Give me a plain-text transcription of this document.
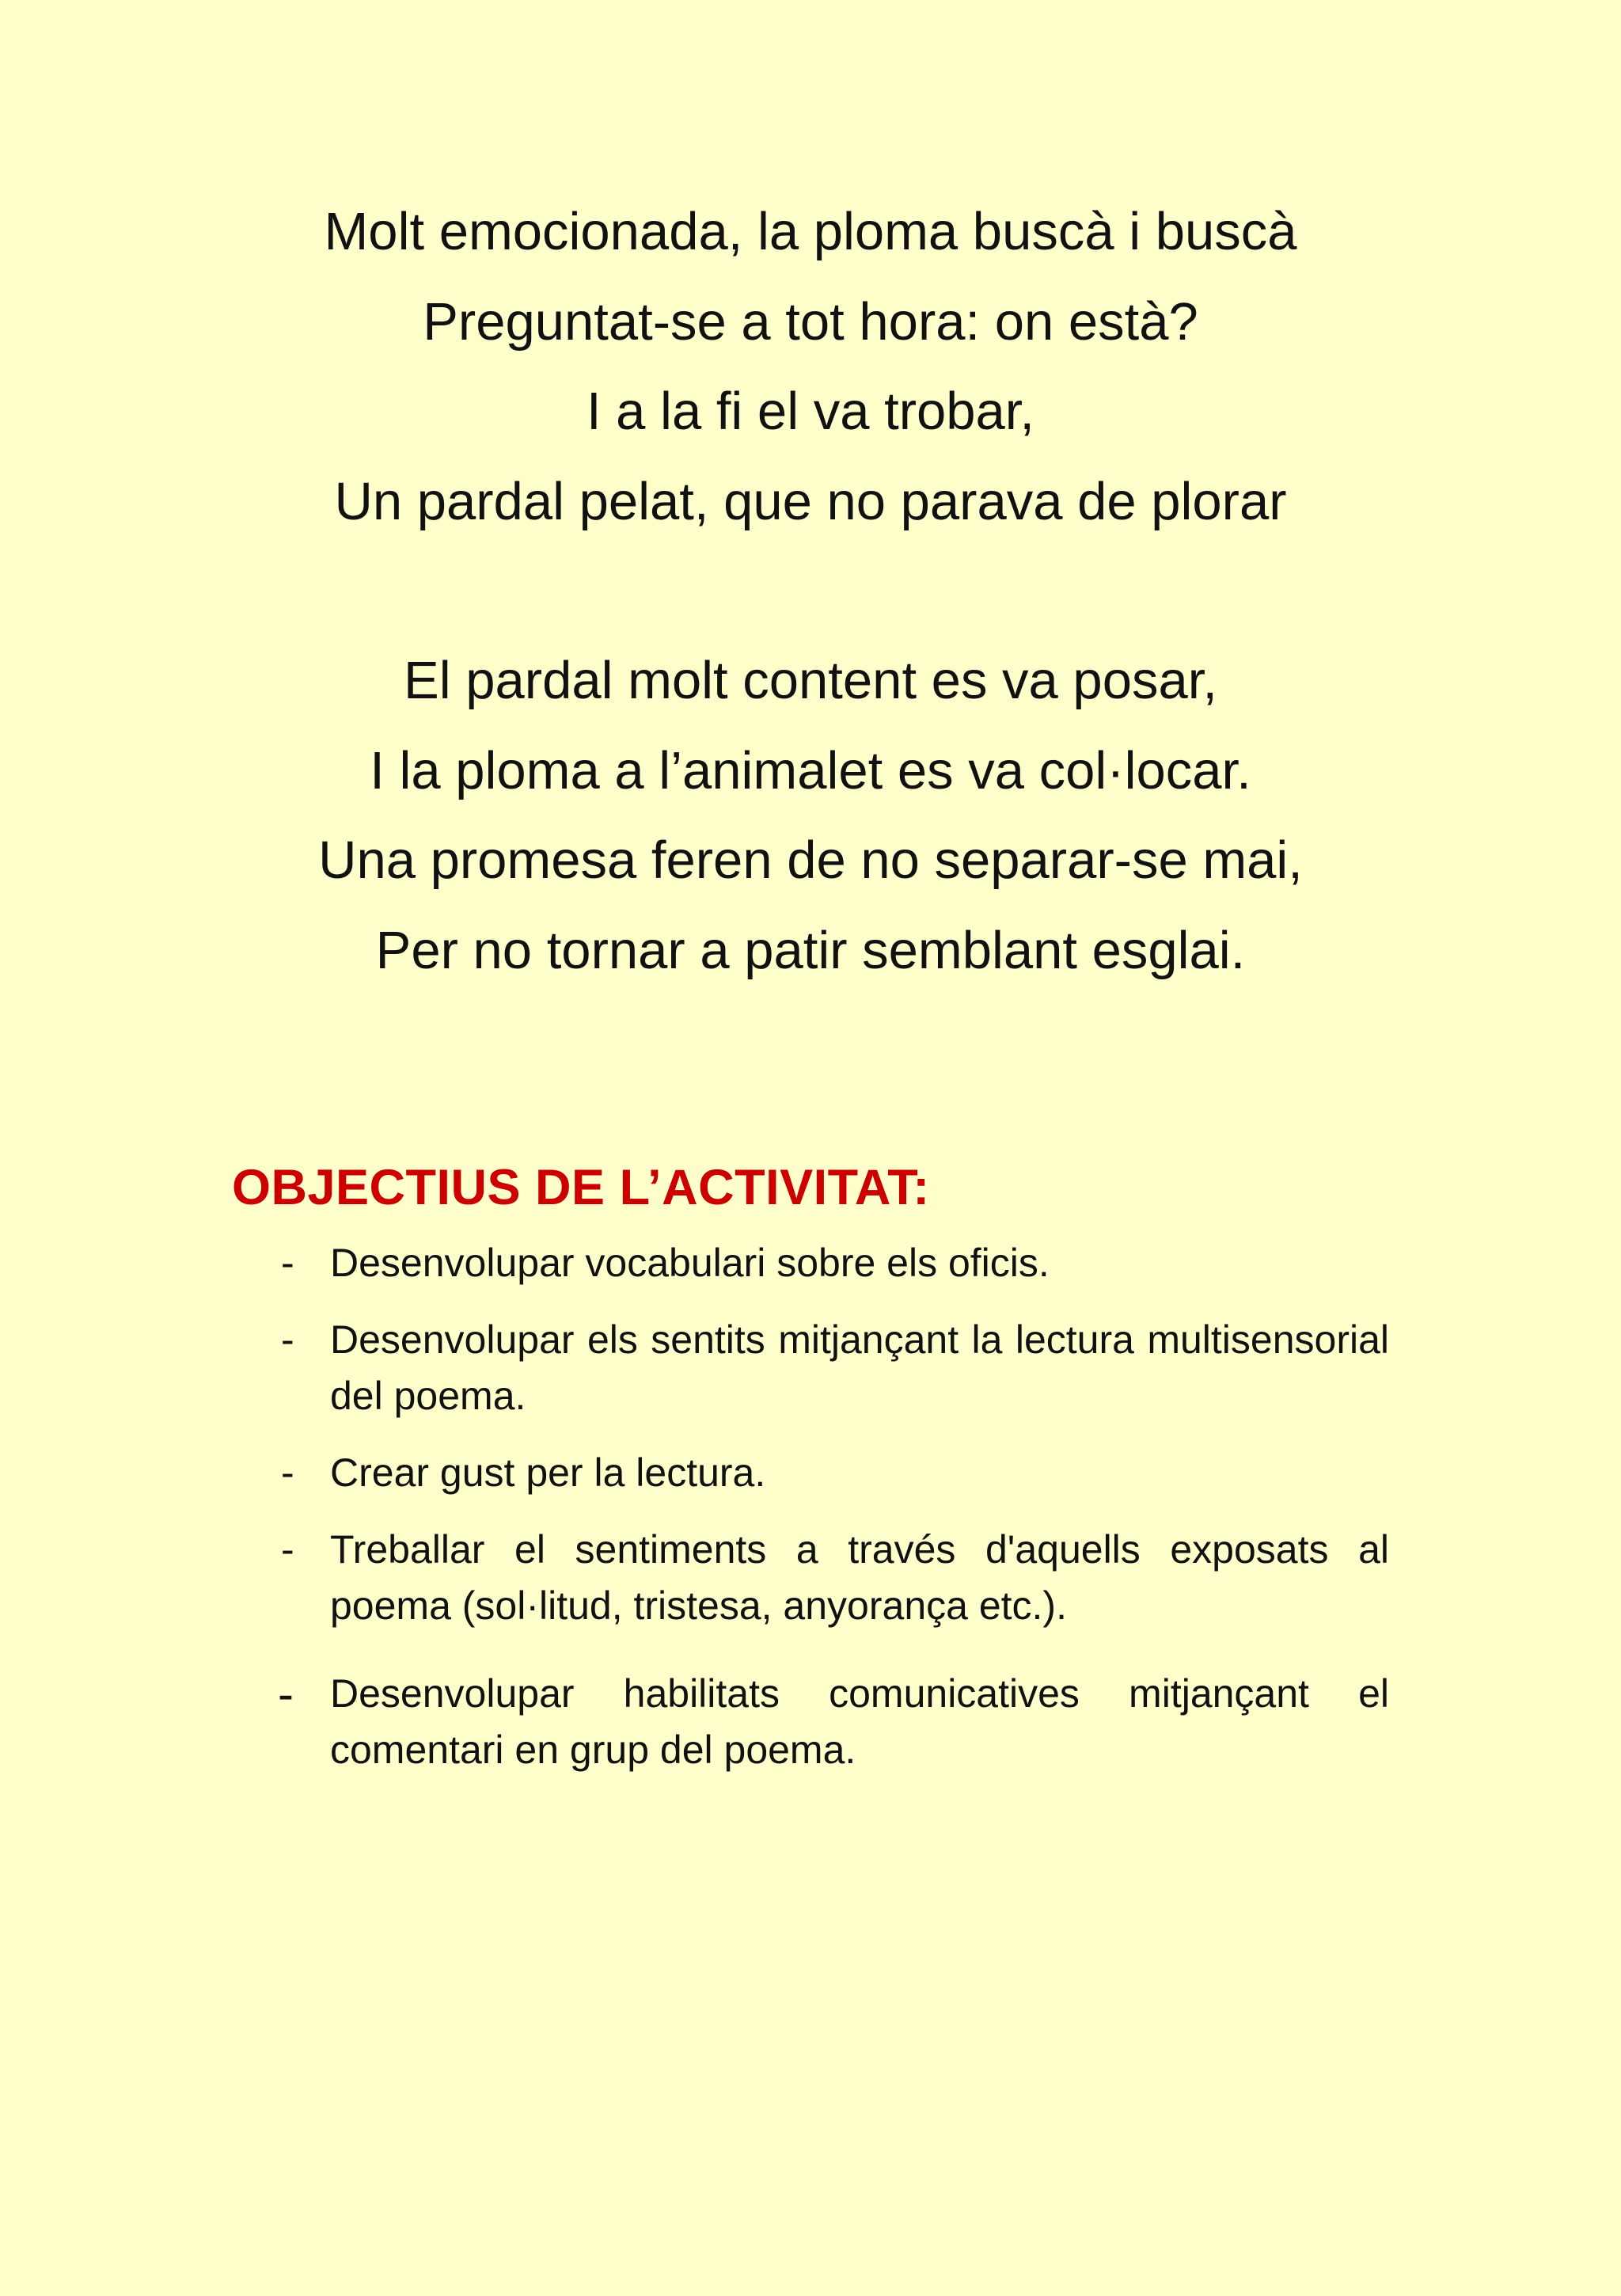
Molt emocionada, la ploma buscà i buscà
Preguntat-se a tot hora: on està?
I a la fi el va trobar,
Un pardal pelat, que no parava de plorar
El pardal molt content es va posar,
I la ploma a l’animalet es va col·locar.
Una promesa feren de no separar-se mai,
Per no tornar a patir semblant esglai.
OBJECTIUS DE L’ACTIVITAT:
- Desenvolupar vocabulari sobre els oficis.
- Desenvolupar els sentits mitjançant la lectura multisensorial del poema.
- Crear gust per la lectura.
- Treballar el sentiments a través d'aquells exposats al poema (sol·litud, tristesa, anyorança etc.).
- Desenvolupar habilitats comunicatives mitjançant el comentari en grup del poema.
